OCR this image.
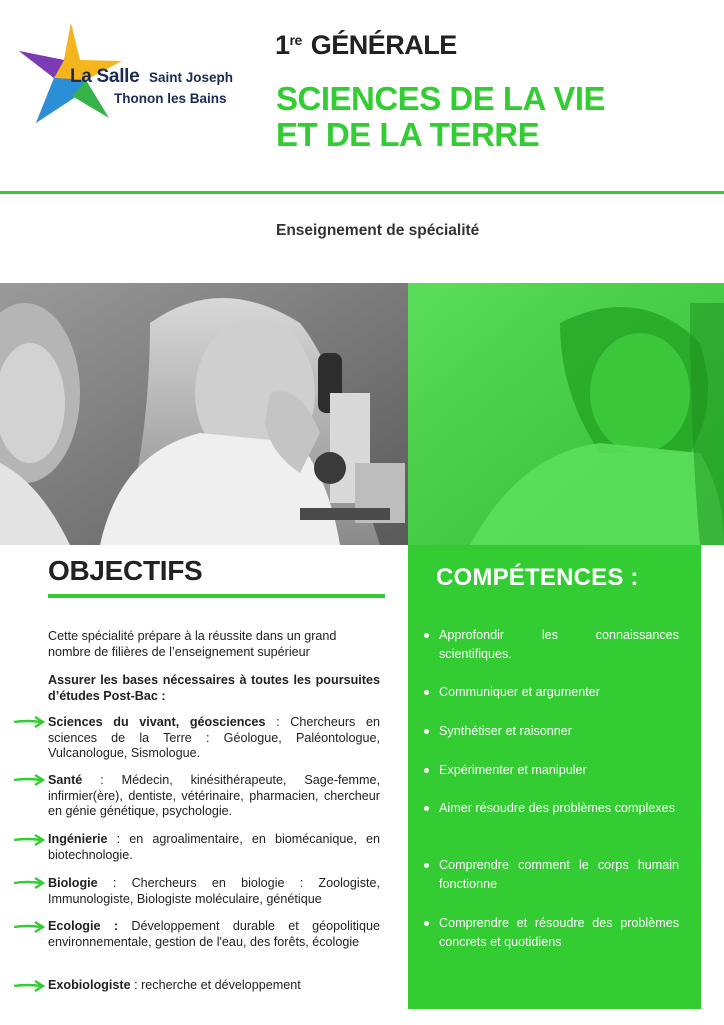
La Salle Saint Joseph
Thonon les Bains
1re GÉNÉRALE
SCIENCES DE LA VIE
ET DE LA TERRE
Enseignement de spécialité
OBJECTIFS
Cette spécialité prépare à la réussite dans un grand nombre de filières de l’enseignement supérieur
Assurer les bases nécessaires à toutes les poursuites d’études Post-Bac :
Sciences du vivant, géosciences : Chercheurs en sciences de la Terre : Géologue, Paléontologue, Vulcanologue, Sismologue.
Santé : Médecin, kinésithérapeute, Sage-femme, infirmier(ère), dentiste, vétérinaire, pharmacien, chercheur en génie génétique, psychologie.
Ingénierie : en agroalimentaire, en biomécanique, en biotechnologie.
Biologie : Chercheurs en biologie : Zoologiste, Immunologiste, Biologiste moléculaire, génétique
Ecologie : Développement durable et géopolitique environnementale, gestion de l'eau, des forêts, écologie
Exobiologiste : recherche et développement
COMPÉTENCES :
Approfondir les connaissances scientifiques.
Communiquer et argumenter
Synthétiser et raisonner
Expérimenter et manipuler
Aimer résoudre des problèmes complexes
Comprendre comment le corps humain fonctionne
Comprendre et résoudre des problèmes concrets et quotidiens
